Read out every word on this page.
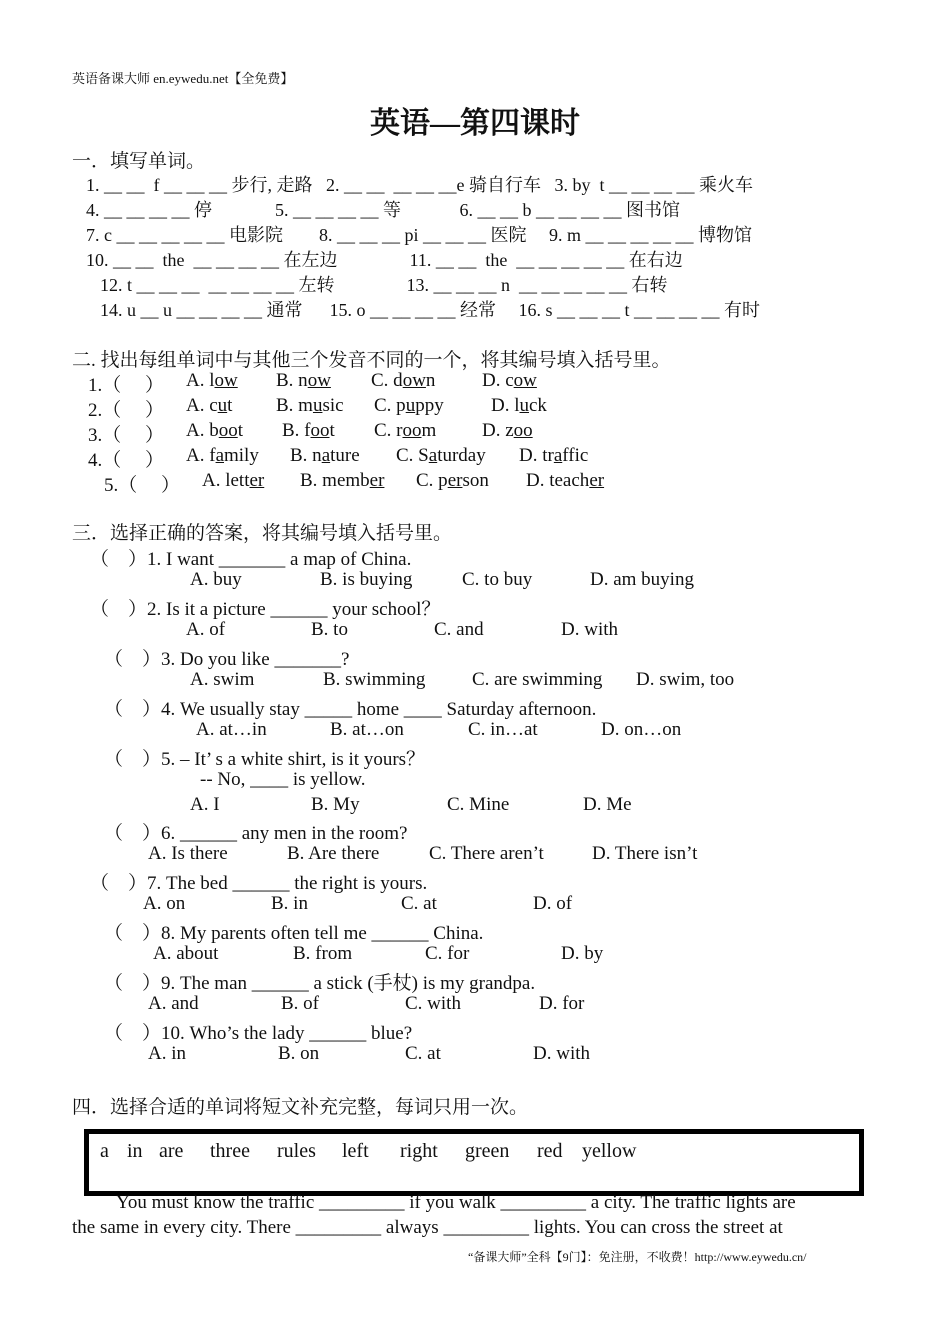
英语备课大师 en.eywedu.net【全免费】
英语—第四课时
一．填写单词。
1. __ __  f __ __ __ 步行, 走路   2. __ __  __ __ __e 骑自行车   3. by  t __ __ __ __ 乘火车
4. __ __ __ __ 停              5. __ __ __ __ 等             6. __ __ b __ __ __ __ 图书馆
7. c __ __ __ __ __ 电影院        8. __ __ __ pi __ __ __ 医院     9. m __ __ __ __ __ 博物馆
10. __ __  the  __ __ __ __ 在左边                11. __ __  the  __ __ __ __ __ 在右边
12. t __ __ __  __ __ __ __ 左转                13. __ __ __ n  __ __ __ __ __ 右转
14. u __ u __ __ __ __ 通常      15. o __ __ __ __ 经常     16. s __ __ __ t __ __ __ __ 有时
二. 找出每组单词中与其他三个发音不同的一个，将其编号填入括号里。
1.（     ） A. low B. now C. down D. cow
2.（     ） A. cut B. music C. puppy D. luck
3.（     ） A. boot B. foot C. room D. zoo
4.（     ） A. family B. nature C. Saturday D. traffic
5.（     ） A. letter B. member C. person D. teacher
三．选择正确的答案，将其编号填入括号里。
（    ）1. I want _______ a map of China.
A. buy	B. is buying	C. to buy	D. am buying
（    ）2. Is it a picture ______ your school？
A. of	B. to	C. and	D. with
（    ）3. Do you like _______?
A. swim	B. swimming C. are swimming D. swim, too
（    ）4. We usually stay _____ home ____ Saturday afternoon.
A. at…in	B. at…on	C. in…at	D. on…on
（    ）5. – It’ s a white shirt, is it yours？
-- No, ____ is yellow.
A. I	B. My	C. Mine	D. Me
（    ）6. ______ any men in the room?
A. Is there	B. Are there	C. There aren’t	D. There isn’t
（    ）7. The bed ______ the right is yours.
A. on	B. in	C. at	D. of
（    ）8. My parents often tell me ______ China.
A. about	B. from	C. for	D. by
（    ）9. The man ______ a stick (手杖) is my grandpa.
A. and	B. of	C. with	D. for
（    ）10. Who’s the lady ______ blue?
A. in	B. on	C. at	D. with
四．选择合适的单词将短文补充完整，每词只用一次。
a in are three rules left right green red yellow
You must know the traffic _________ if you walk _________ a city. The traffic lights are
the same in every city. There _________ always _________ lights. You can cross the street at
“备课大师”全科【9门】：免注册，不收费！http://www.eywedu.cn/
